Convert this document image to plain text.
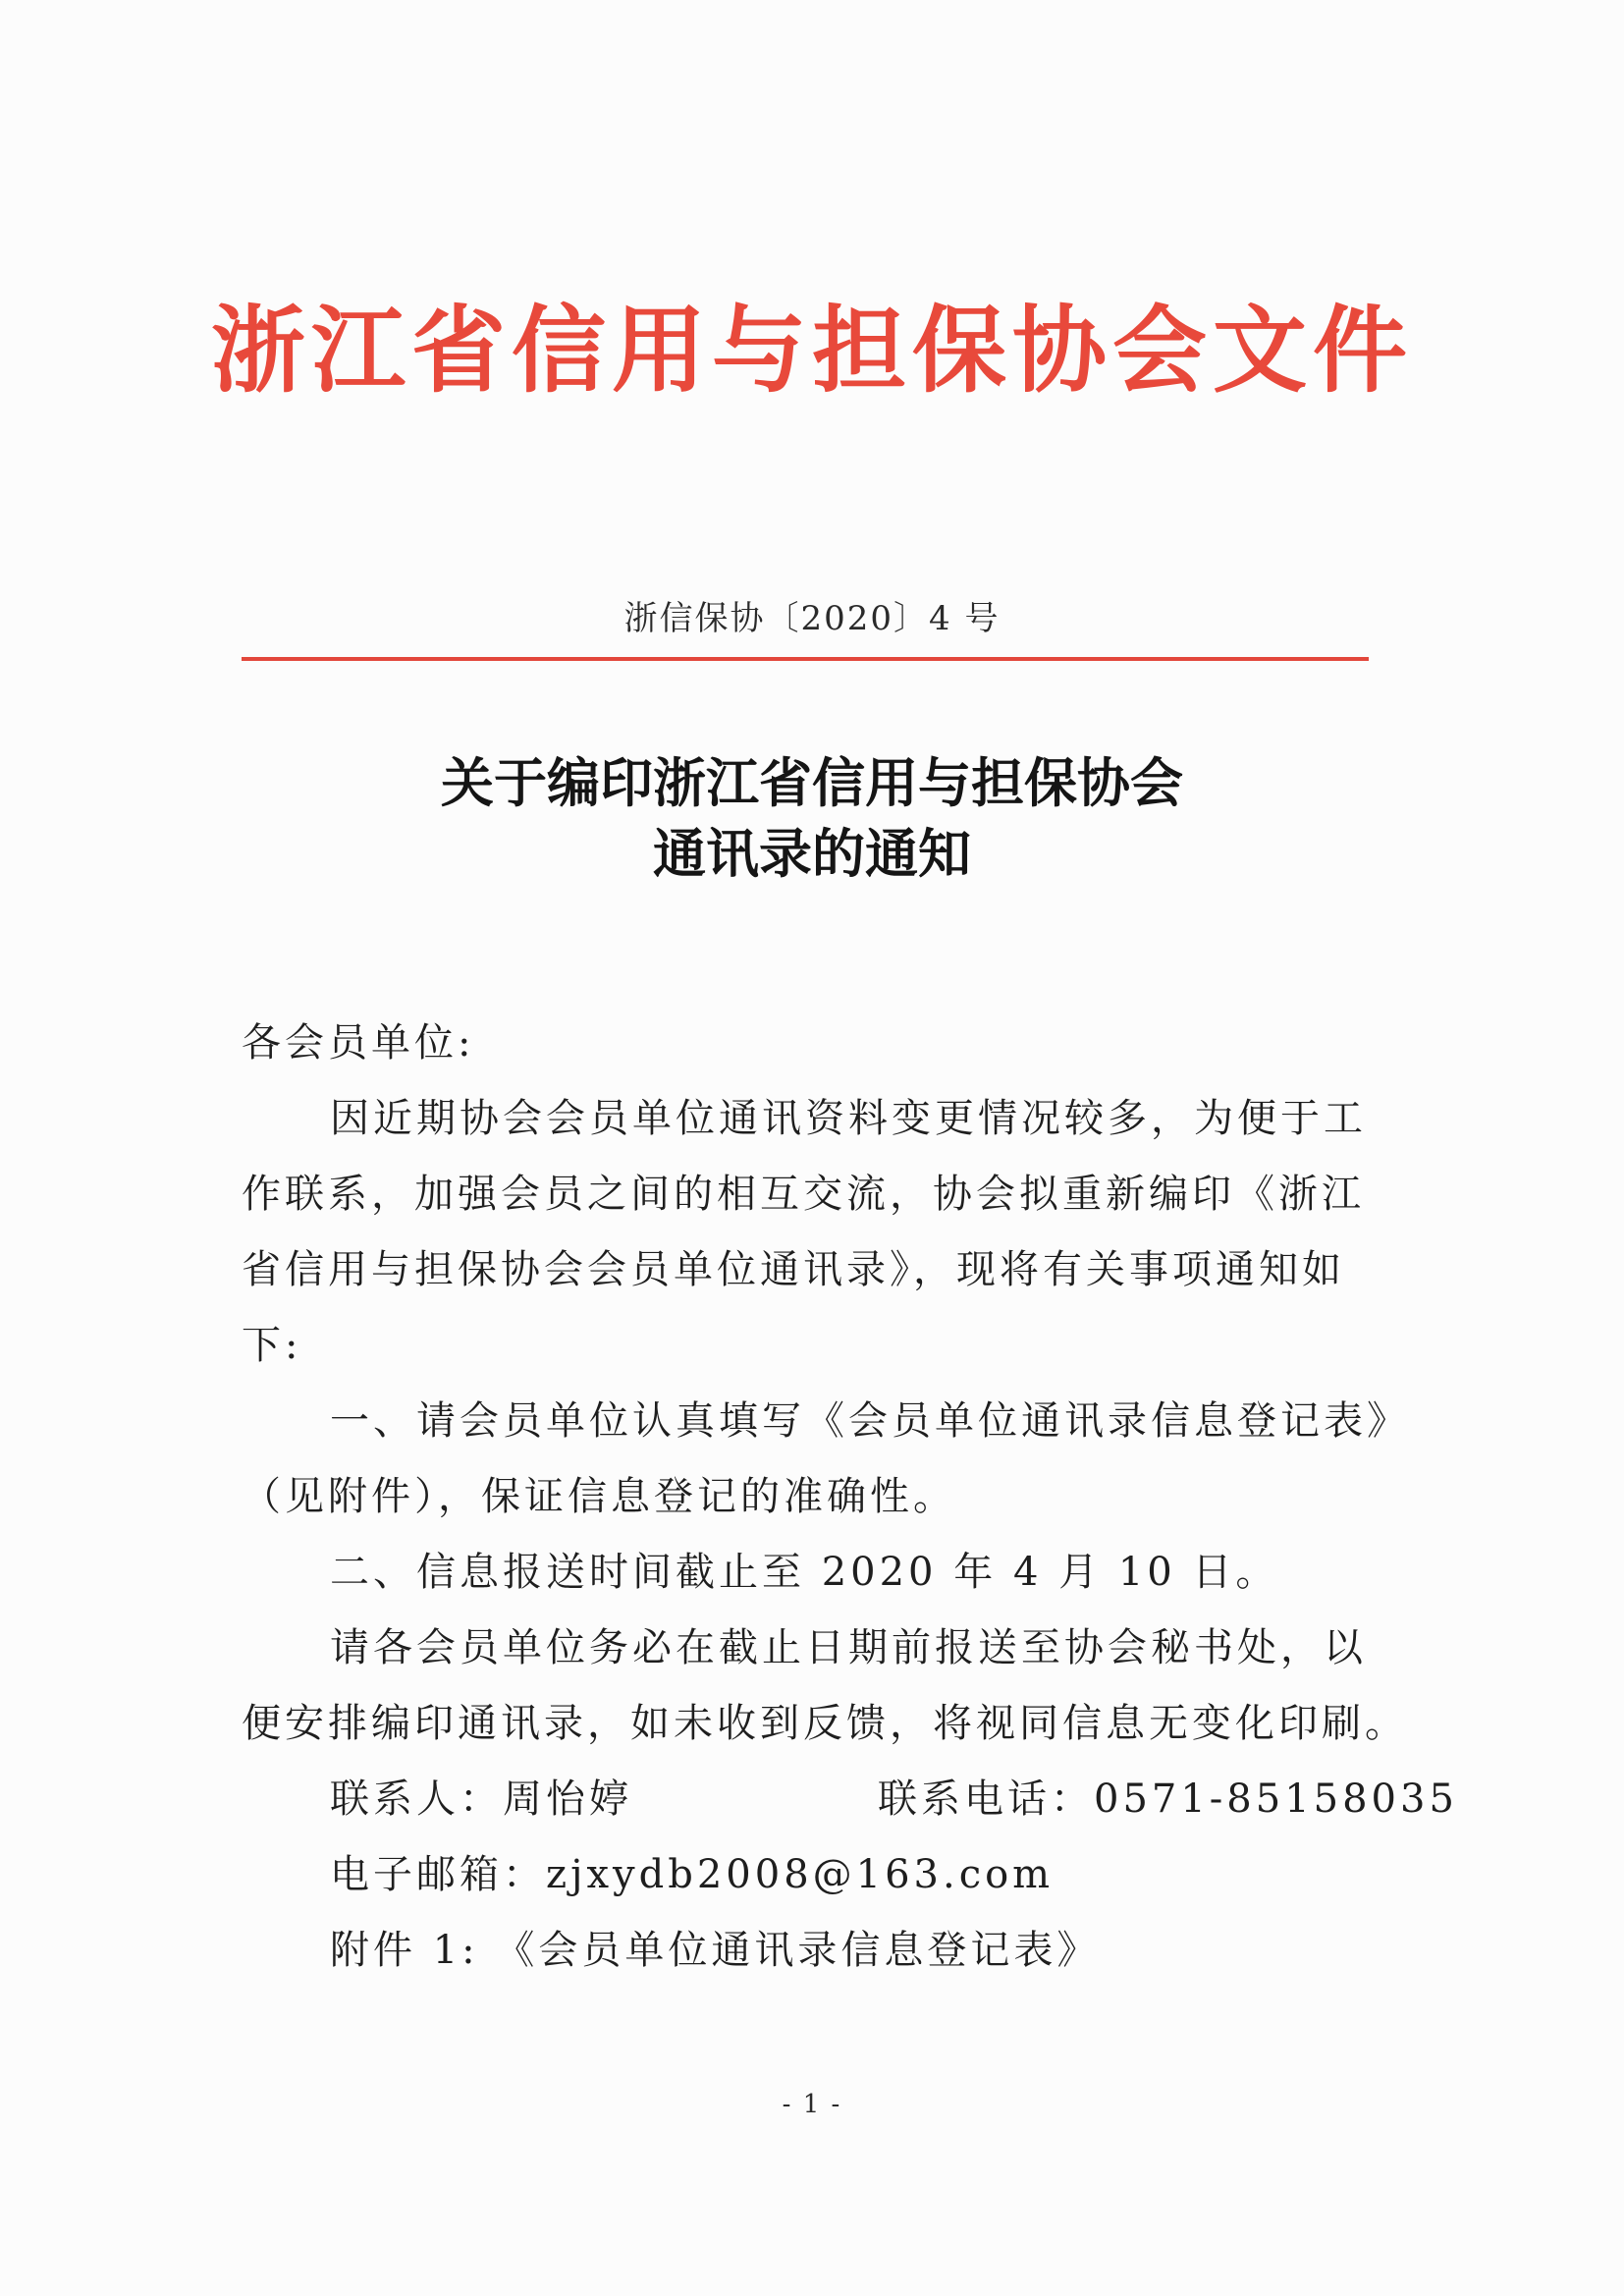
浙江省信用与担保协会文件
浙信保协〔2020〕4 号
关于编印浙江省信用与担保协会
通讯录的通知
各会员单位:
因近期协会会员单位通讯资料变更情况较多，为便于工
作联系，加强会员之间的相互交流，协会拟重新编印《浙江
省信用与担保协会会员单位通讯录》，现将有关事项通知如
下:
一、请会员单位认真填写《会员单位通讯录信息登记表》
（见附件），保证信息登记的准确性。
二、信息报送时间截止至 2020 年 4 月 10 日。
请各会员单位务必在截止日期前报送至协会秘书处，以
便安排编印通讯录，如未收到反馈，将视同信息无变化印刷。
联系人：周怡婷	联系电话：0571-85158035
电子邮箱：zjxydb2008@163.com
附件 1: 《会员单位通讯录信息登记表》
- 1 -
